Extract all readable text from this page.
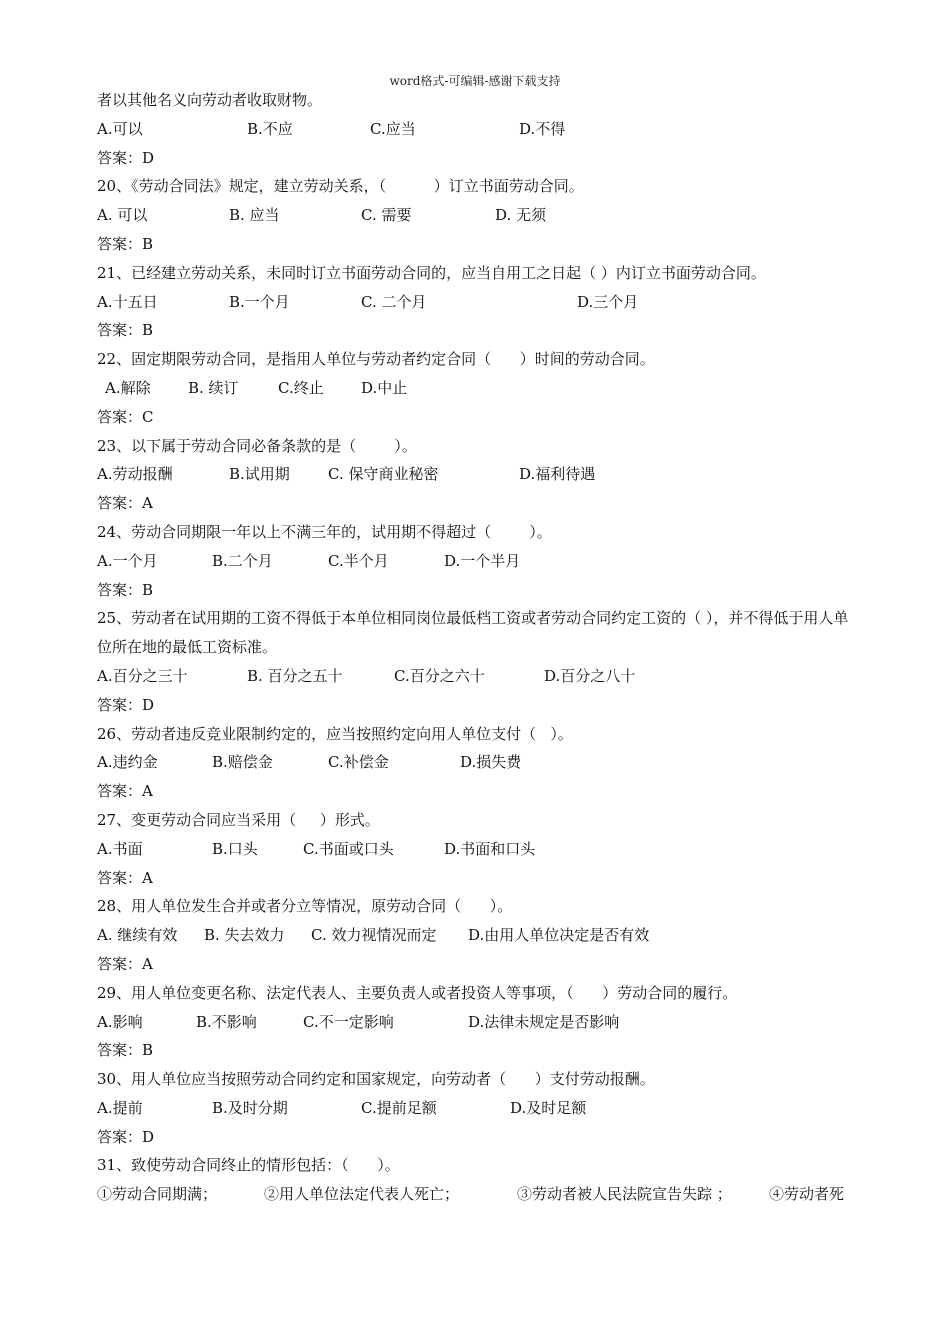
word格式-可编辑-感谢下载支持
者以其他名义向劳动者收取财物。
A.可以	B.不应	C.应当	D.不得
答案：D
20、《劳动合同法》规定，建立劳动关系，（          ）订立书面劳动合同。
A. 可以	B. 应当	C. 需要	D. 无须
答案：B
21、已经建立劳动关系，未同时订立书面劳动合同的，应当自用工之日起（ ）内订立书面劳动合同。
A.十五日	B.一个月	C. 二个月	D.三个月
答案：B
22、固定期限劳动合同，是指用人单位与劳动者约定合同（      ）时间的劳动合同。
A.解除 B. 续订	C.终止 D.中止
答案：C
23、以下属于劳动合同必备条款的是（        ）。
A.劳动报酬	B.试用期	C. 保守商业秘密	D.福利待遇
答案：A
24、劳动合同期限一年以上不满三年的，试用期不得超过（        ）。
A.一个月	B.二个月	C.半个月	D.一个半月
答案：B
25、劳动者在试用期的工资不得低于本单位相同岗位最低档工资或者劳动合同约定工资的（ ），并不得低于用人单位所在地的最低工资标准。
A.百分之三十	B. 百分之五十	C.百分之六十	D.百分之八十
答案：D
26、劳动者违反竞业限制约定的，应当按照约定向用人单位支付（   ）。
A.违约金	B.赔偿金	C.补偿金	D.损失费
答案：A
27、变更劳动合同应当采用（     ）形式。
A.书面	B.口头	C.书面或口头	D.书面和口头
答案：A
28、用人单位发生合并或者分立等情况，原劳动合同（      ）。
A. 继续有效 B. 失去效力 C. 效力视情况而定 D.由用人单位决定是否有效
答案：A
29、用人单位变更名称、法定代表人、主要负责人或者投资人等事项，（      ）劳动合同的履行。
A.影响	B.不影响	C.不一定影响	D.法律未规定是否影响
答案：B
30、用人单位应当按照劳动合同约定和国家规定，向劳动者（      ）支付劳动报酬。
A.提前	B.及时分期	C.提前足额	D.及时足额
答案：D
31、致使劳动合同终止的情形包括：（      ）。
①劳动合同期满；	②用人单位法定代表人死亡；	③劳动者被人民法院宣告失踪 ； ④劳动者死
